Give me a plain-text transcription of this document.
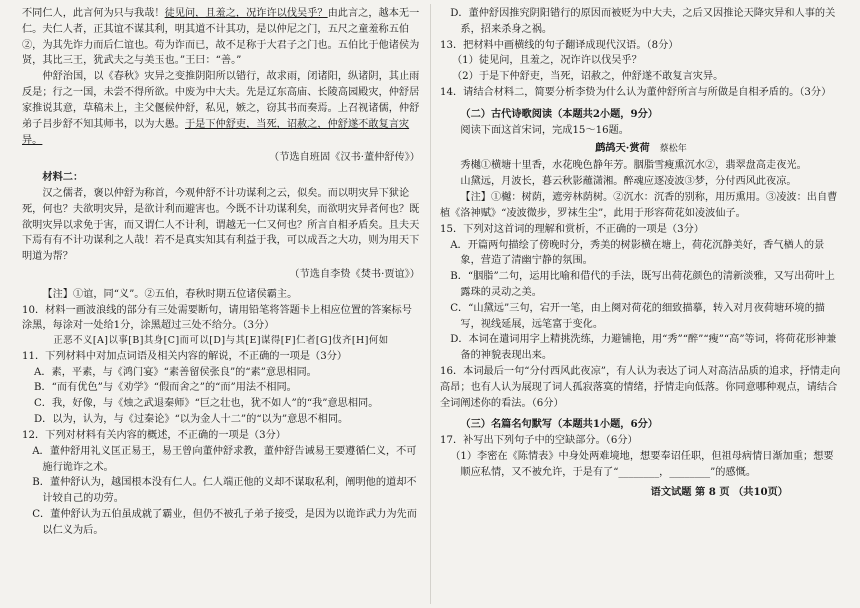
不同仁人，此言何为只与我哉！徒见问，且羞之，况诈许以伐吴乎？由此言之，越本无一仁。夫仁人者，正其谊不谋其利，明其道不计其功，是以仲尼之门，五尺之童羞称五伯②，为其先诈力而后仁谊也。苟为诈而已，故不足称于大君子之门也。五伯比于他诸侯为贤，其比三王，犹武夫之与美玉也。”王曰：“善。”

仲舒治国，以《春秋》灾异之变推阴阳所以错行，故求雨，闭诸阳，纵诸阴，其止雨反是；行之一国，未尝不得所欲。中废为中大夫。先是辽东高庙、长陵高园殿灾，仲舒居家推说其意，草稿未上，主父偃候仲舒，私见，嫉之，窃其书而奏焉。上召视诸儒，仲舒弟子吕步舒不知其师书，以为大愚。于是下仲舒吏，当死，诏赦之，仲舒遂不敢复言灾异。

（节选自班固《汉书·董仲舒传》）

材料二：

汉之儒者，褒以仲舒为称首，今观仲舒不计功谋利之云，似矣。而以明灾异下狱论死，何也？夫欲明灾异，是欲计利而避害也。今既不计功谋利矣，而欲明灾异者何也？既欲明灾异以求免于害，而又谓仁人不计利，谓越无一仁又何也？所言自相矛盾矣。且夫天下焉有有不计功谋利之人哉！若不是真实知其有利益于我，可以成吾之大功，则为用天下明道为帮？

（节选自李贽《焚书·贾谊》）

【注】①谊，同“义”。②五伯，春秋时期五位诸侯霸主。

10．材料一画波浪线的部分有三处需要断句，请用铅笔将答题卡上相应位置的答案标号涂黑，每涂对一处给1分，涂黑超过三处不给分。（3分）

正恶不义[A]以事[B]其身[C]而可以[D]与其[E]谋得[F]仁者[G]伐齐[H]何如

11．下列材料中对加点词语及相关内容的解说，不正确的一项是（3分）

A．素，平素，与《鸿门宴》“素善留侯张良”的“素”意思相同。

B．“而有优色”与《劝学》“假而舍之”的“而”用法不相同。

C．我，好像，与《烛之武退秦师》“巨之壮也，犹不如人”的“我”意思相同。

D．以为，认为，与《过秦论》“以为金人十二”的“以为”意思不相同。

12．下列对材料有关内容的概述，不正确的一项是（3分）

A．董仲舒用礼义匡正易王，易王曾向董仲舒求教，董仲舒告诫易王要遵循仁义，不可施行诡诈之术。

B．董仲舒认为，越国根本没有仁人。仁人端正他的义却不谋取私利，阐明他的道却不计较自己的功劳。

C．董仲舒认为五伯虽成就了霸业，但仍不被孔子弟子接受，是因为以诡诈武力为先而以仁义为后。

D．董仲舒因推究阴阳错行的原因而被贬为中大夫，之后又因推论天降灾异和人事的关系，招来杀身之祸。

13．把材料中画横线的句子翻译成现代汉语。（8分）

（1）徒见问，且羞之，况诈许以伐吴乎？

（2）于是下仲舒吏，当死，诏赦之，仲舒遂不敢复言灾异。

14．请结合材料二，简要分析李贽为什么认为董仲舒所言与所做是自相矛盾的。（3分）

（二）古代诗歌阅读（本题共2小题，9分）

阅读下面这首宋词，完成15～16题。

鹧鸪天·赏荷 蔡松年

秀樾①横塘十里香，水花晚色静年芳。胭脂雪瘦熏沉水②，翡翠盘高走夜光。

山黛远，月波长，暮云秋影蘸潇湘。醉魂应逐凌波③梦，分付西风此夜凉。

【注】①樾：树荫，遮旁林荫树。②沉水：沉香的别称，用历熏用。③凌波：出自曹植《洛神赋》“凌波微步，罗袜生尘”，此用于形容荷花如凌波仙子。

15．下列对这首词的理解和赏析，不正确的一项是（3分）

A．开篇两句描绘了傍晚时分，秀美的树影横在塘上，荷花沉静美好，香气楢人的景象，营造了清幽宁静的氛围。

B．“胭脂”二句，运用比喻和借代的手法，既写出荷花颜色的清新淡雅，又写出荷叶上露珠的灵动之美。

C．“山黛远”三句，宕开一笔，由上阕对荷花的细致描摹，转入对月夜荷塘环境的描写，视线延展，远笔富于变化。

D．本词在遣词用字上精挑洗练，力避铺艳，用“秀”“醉”“瘦”“高”等词，将荷花形神兼备的神貌表现出来。

16．本词最后一句“分付西风此夜凉”，有人认为表达了词人对高洁品质的追求，抒情走向高昂；也有人认为展现了词人孤寂落寞的情绪，抒情走向低落。你同意哪种观点，请结合全词阐述你的看法。（6分）

（三）名篇名句默写（本题共1小题，6分）

17．补写出下列句子中的空缺部分。（6分）

（1）李密在《陈情表》中身处两难境地，想要奉诏任职，但祖母病情日渐加重；想要顺应私情，又不被允许，于是有了“________，________”的感慨。

语文试题 第 8 页 （共10页）
